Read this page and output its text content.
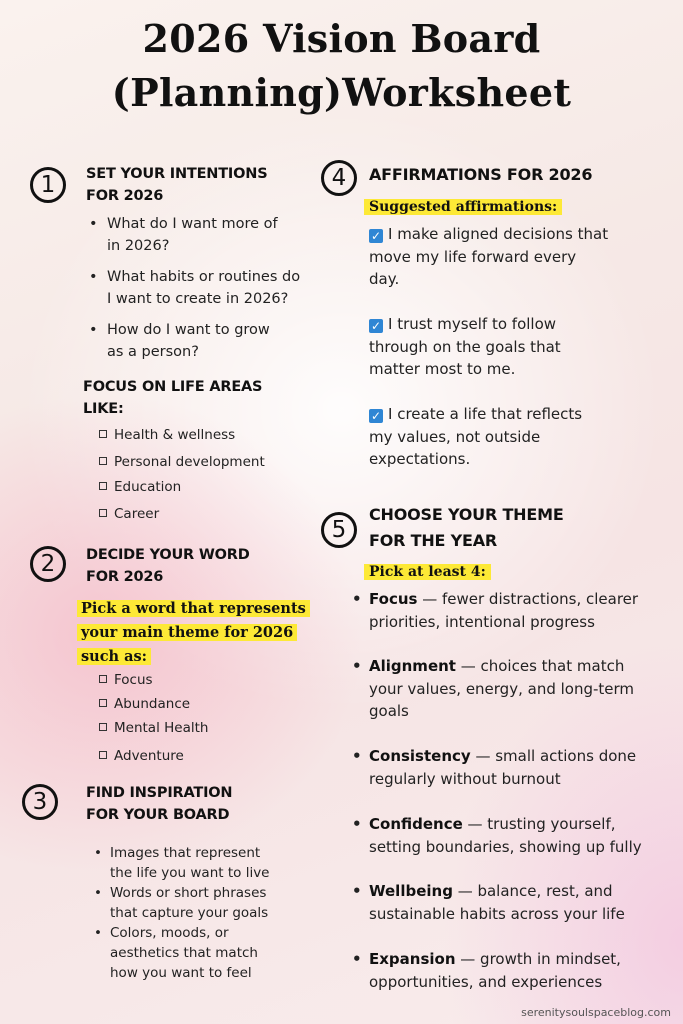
2026 Vision Board
(Planning)Worksheet
1	SET YOUR INTENTIONS
FOR 2026
• What do I want more of
in 2026?
• What habits or routines do
I want to create in 2026?
• How do I want to grow
as a person?
FOCUS ON LIFE AREAS
LIKE:
Health & wellness
Personal development
Education
Career
2	DECIDE YOUR WORD
FOR 2026
Pick a word that represents
your main theme for 2026
such as:
Focus
Abundance
Mental Health
Adventure
3	FIND INSPIRATION
FOR YOUR BOARD
• Images that represent
the life you want to live
• Words or short phrases
that capture your goals
• Colors, moods, or
aesthetics that match
how you want to feel
4	AFFIRMATIONS FOR 2026
Suggested affirmations:
✓ I make aligned decisions that
move my life forward every
day.
✓ I trust myself to follow
through on the goals that
matter most to me.
✓ I create a life that reflects
my values, not outside
expectations.
5
CHOOSE YOUR THEME
FOR THE YEAR
Pick at least 4:
• Focus — fewer distractions, clearer
priorities, intentional progress
• Alignment — choices that match
your values, energy, and long-term
goals
• Consistency — small actions done
regularly without burnout
• Confidence — trusting yourself,
setting boundaries, showing up fully
• Wellbeing — balance, rest, and
sustainable habits across your life
• Expansion — growth in mindset,
opportunities, and experiences
serenitysoulspaceblog.com
